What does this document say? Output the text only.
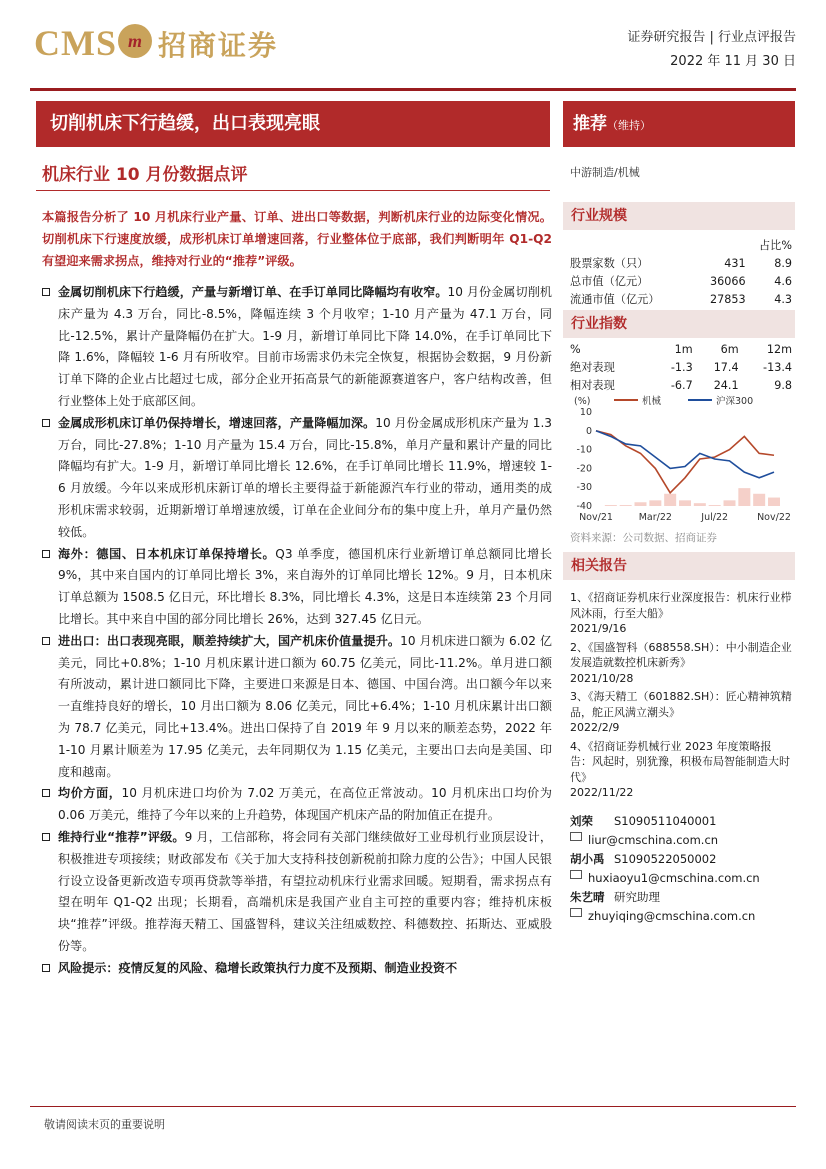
CMS m 招商证券	证券研究报告 | 行业点评报告
2022 年 11 月 30 日
切削机床下行趋缓，出口表现亮眼	推荐（维持）
机床行业 10 月份数据点评	中游制造/机械
本篇报告分析了 10 月机床行业产量、订单、进出口等数据，判断机床行业的边际变化情况。切削机床下行速度放缓，成形机床订单增速回落，行业整体位于底部，我们判断明年 Q1-Q2 有望迎来需求拐点，维持对行业的“推荐”评级。
金属切削机床下行趋缓，产量与新增订单、在手订单同比降幅均有收窄。10 月份金属切削机床产量为 4.3 万台，同比-8.5%，降幅连续 3 个月收窄；1-10 月产量为 47.1 万台，同比-12.5%，累计产量降幅仍在扩大。1-9 月，新增订单同比下降 14.0%，在手订单同比下降 1.6%，降幅较 1-6 月有所收窄。目前市场需求仍未完全恢复，根据协会数据，9 月份新订单下降的企业占比超过七成，部分企业开拓高景气的新能源赛道客户，客户结构改善，但行业整体上处于底部区间。
金属成形机床订单仍保持增长，增速回落，产量降幅加深。10 月份金属成形机床产量为 1.3 万台，同比-27.8%；1-10 月产量为 15.4 万台，同比-15.8%，单月产量和累计产量的同比降幅均有扩大。1-9 月，新增订单同比增长 12.6%，在手订单同比增长 11.9%，增速较 1-6 月放缓。今年以来成形机床新订单的增长主要得益于新能源汽车行业的带动，通用类的成形机床需求较弱，近期新增订单增速放缓，订单在企业间分布的集中度上升，单月产量仍然较低。
海外：德国、日本机床订单保持增长。Q3 单季度，德国机床行业新增订单总额同比增长 9%，其中来自国内的订单同比增长 3%，来自海外的订单同比增长 12%。9 月，日本机床订单总额为 1508.5 亿日元，环比增长 8.3%，同比增长 4.3%，这是日本连续第 23 个月同比增长。其中来自中国的部分同比增长 26%，达到 327.45 亿日元。
进出口：出口表现亮眼，顺差持续扩大，国产机床价值量提升。10 月机床进口额为 6.02 亿美元，同比+0.8%；1-10 月机床累计进口额为 60.75 亿美元，同比-11.2%。单月进口额有所波动，累计进口额同比下降，主要进口来源是日本、德国、中国台湾。出口额今年以来一直维持良好的增长，10 月出口额为 8.06 亿美元，同比+6.4%；1-10 月机床累计出口额为 78.7 亿美元，同比+13.4%。进出口保持了自 2019 年 9 月以来的顺差态势，2022 年 1-10 月累计顺差为 17.95 亿美元，去年同期仅为 1.15 亿美元，主要出口去向是美国、印度和越南。
均价方面，10 月机床进口均价为 7.02 万美元，在高位正常波动。10 月机床出口均价为 0.06 万美元，维持了今年以来的上升趋势，体现国产机床产品的附加值正在提升。
维持行业“推荐”评级。9 月，工信部称，将会同有关部门继续做好工业母机行业顶层设计，积极推进专项接续；财政部发布《关于加大支持科技创新税前扣除力度的公告》；中国人民银行设立设备更新改造专项再贷款等举措，有望拉动机床行业需求回暖。短期看，需求拐点有望在明年 Q1-Q2 出现；长期看，高端机床是我国产业自主可控的重要内容；维持机床板块“推荐”评级。推荐海天精工、国盛智科，建议关注纽威数控、科德数控、拓斯达、亚威股份等。
风险提示：疫情反复的风险、稳增长政策执行力度不及预期、制造业投资不
行业规模
		占比%
股票家数（只）	431	8.9
总市值（亿元）	36066	4.6
流通市值（亿元）	27853	4.3
行业指数
%	1m	6m	12m
绝对表现	-1.3	17.4	-13.4
相对表现	-6.7	24.1	9.8
10
0
-10
-20
-30
-40
Nov/21	Mar/22	Jul/22	Nov/22
(%)	机械	沪深300
资料来源：公司数据、招商证券
相关报告
1、《招商证券机床行业深度报告：机床行业栉风沐雨，行至大船》
2021/9/16
2、《国盛智科（688558.SH）：中小制造企业发展造就数控机床新秀》
2021/10/28
3、《海天精工（601882.SH）：匠心精神筑精品，舵正风满立潮头》
2022/2/9
4、《招商证券机械行业 2023 年度策略报告：风起时，别犹豫，积极布局智能制造大时代》
2022/11/22
刘荣	S1090511040001
liur@cmschina.com.cn
胡小禹 S1090522050002
huxiaoyu1@cmschina.com.cn
朱艺晴 研究助理
zhuyiqing@cmschina.com.cn
敬请阅读末页的重要说明
